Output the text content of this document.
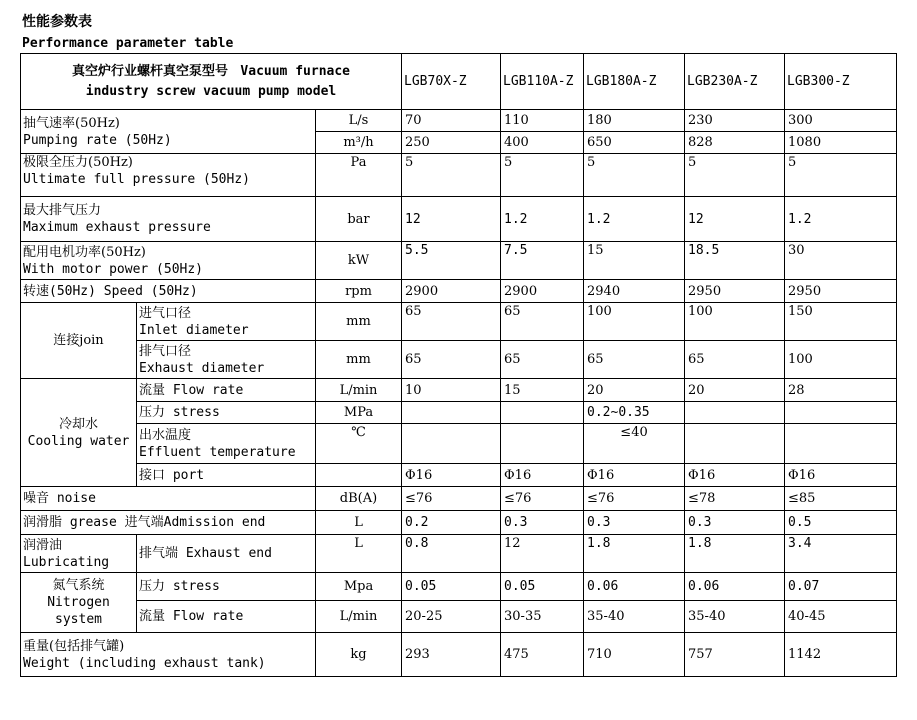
性能参数表
Performance parameter table
真空炉行业螺杆真空泵型号 Vacuum furnace
industry screw vacuum pump model			LGB70X-Z	LGB110A-Z	LGB180A-Z	LGB230A-Z	LGB300-Z

抽气速率(50Hz)
Pumping rate (50Hz)		L/s	70	110	180	230	300
		m³/h	250	400	650	828	1080

极限全压力(50Hz)
Ultimate full pressure (50Hz)		Pa	5	5	5	5	5

最大排气压力
Maximum exhaust pressure		bar	12	1.2	1.2	12	1.2

配用电机功率(50Hz)
With motor power (50Hz)		kW	5.5	7.5	15	18.5	30
转速(50Hz) Speed (50Hz)		rpm	2900	2900	2940	2950	2950
连接join	进气口径
Inlet diameter	mm	65	65	100	100	150

	排气口径
Exhaust diameter	mm	65	65	65	65	100

冷却水
Cooling water	流量 Flow rate	L/min	10	15	20	20	28
	压力 stress	MPa			0.2~0.35		

	出水温度
Effluent temperature	℃			≤40		
	接口 port		Φ16	Φ16	Φ16	Φ16	Φ16
噪音 noise		dB(A)	≤76	≤76	≤76	≤78	≤85
润滑脂 grease 进气端Admission end		L	0.2	0.3	0.3	0.3	0.5

润滑油
Lubricating	排气端 Exhaust end	L	0.8	12	1.8	1.8	3.4

氮气系统
Nitrogen
system	压力 stress	Mpa	0.05	0.05	0.06	0.06	0.07
	流量 Flow rate	L/min	20-25	30-35	35-40	35-40	40-45

重量(包括排气罐)
Weight (including exhaust tank)		kg	293	475	710	757	1142
